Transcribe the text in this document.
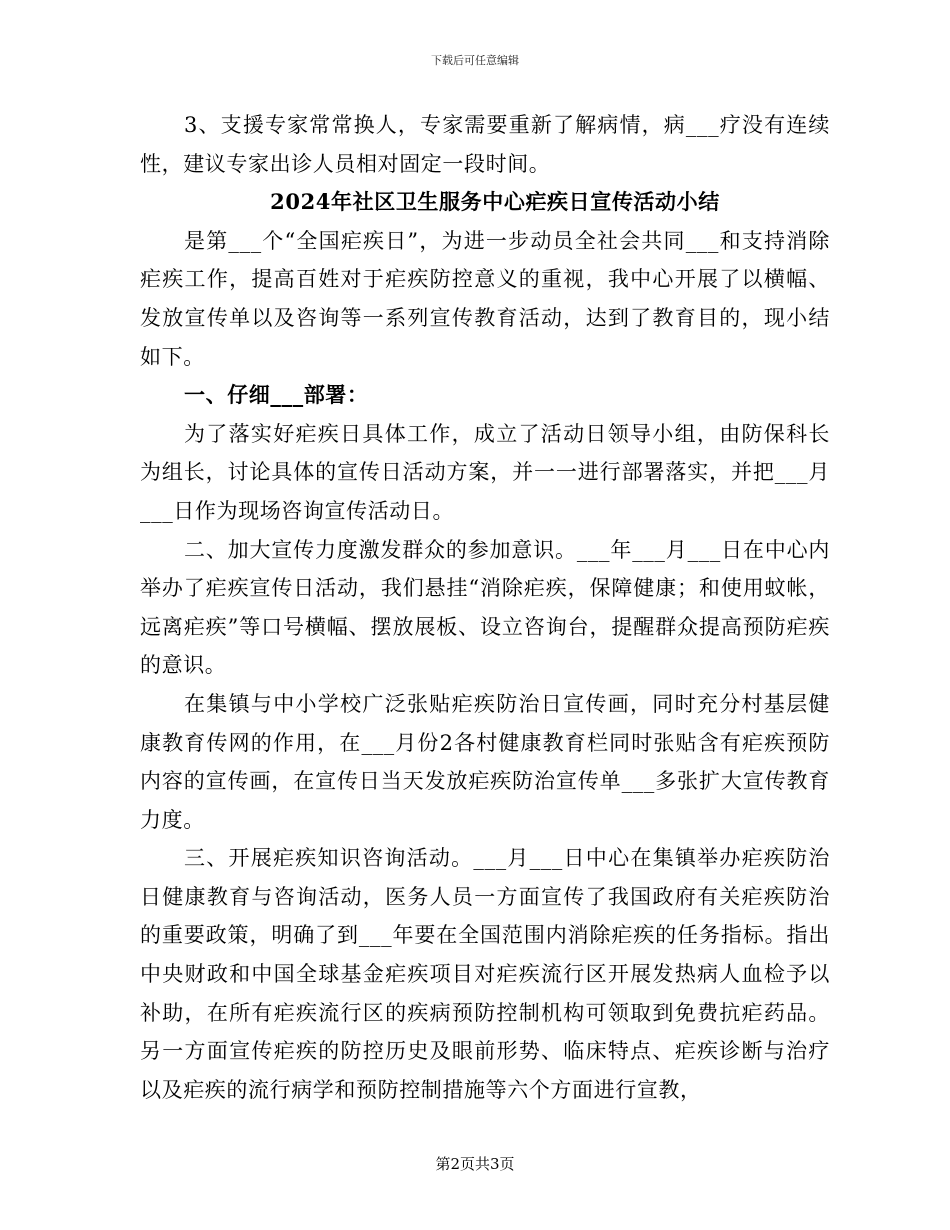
下载后可任意编辑

3、支援专家常常换人，专家需要重新了解病情，病___疗没有连续性，建议专家出诊人员相对固定一段时间。

2024年社区卫生服务中心疟疾日宣传活动小结

是第___个“全国疟疾日”，为进一步动员全社会共同___和支持消除疟疾工作，提高百姓对于疟疾防控意义的重视，我中心开展了以横幅、发放宣传单以及咨询等一系列宣传教育活动，达到了教育目的，现小结如下。

一、仔细___部署：

为了落实好疟疾日具体工作，成立了活动日领导小组，由防保科长为组长，讨论具体的宣传日活动方案，并一一进行部署落实，并把___月___日作为现场咨询宣传活动日。

二、加大宣传力度激发群众的参加意识。___年___月___日在中心内举办了疟疾宣传日活动，我们悬挂“消除疟疾，保障健康；和使用蚊帐，远离疟疾”等口号横幅、摆放展板、设立咨询台，提醒群众提高预防疟疾的意识。

在集镇与中小学校广泛张贴疟疾防治日宣传画，同时充分村基层健康教育传网的作用，在___月份2各村健康教育栏同时张贴含有疟疾预防内容的宣传画，在宣传日当天发放疟疾防治宣传单___多张扩大宣传教育力度。

三、开展疟疾知识咨询活动。___月___日中心在集镇举办疟疾防治日健康教育与咨询活动，医务人员一方面宣传了我国政府有关疟疾防治的重要政策，明确了到___年要在全国范围内消除疟疾的任务指标。指出中央财政和中国全球基金疟疾项目对疟疾流行区开展发热病人血检予以补助，在所有疟疾流行区的疾病预防控制机构可领取到免费抗疟药品。另一方面宣传疟疾的防控历史及眼前形势、临床特点、疟疾诊断与治疗以及疟疾的流行病学和预防控制措施等六个方面进行宣教，

第2页共3页
